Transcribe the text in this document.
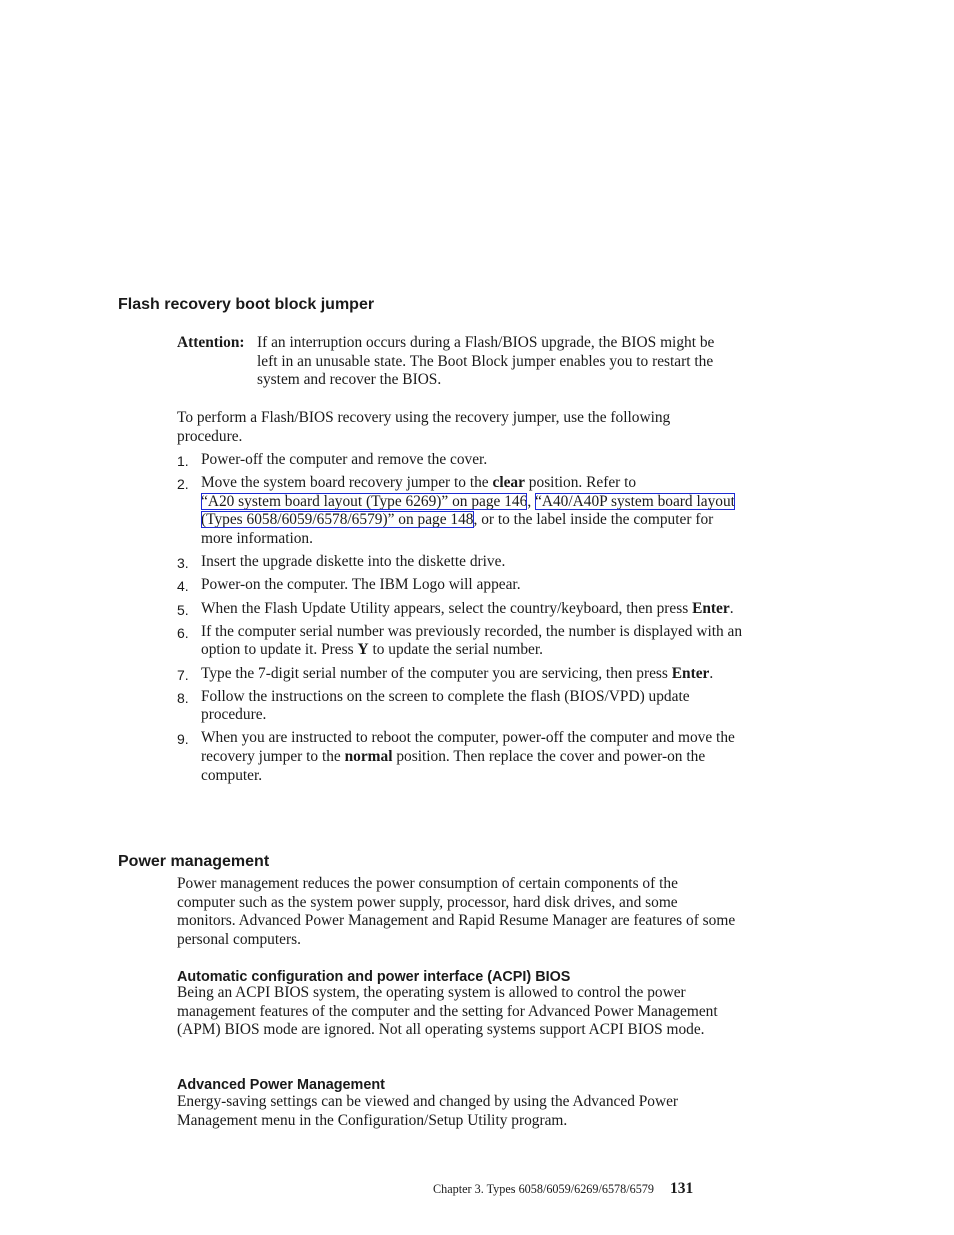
Flash recovery boot block jumper
Attention: If an interruption occurs during a Flash/BIOS upgrade, the BIOS might be left in an unusable state. The Boot Block jumper enables you to restart the system and recover the BIOS.
To perform a Flash/BIOS recovery using the recovery jumper, use the following procedure.
1. Power-off the computer and remove the cover.
2. Move the system board recovery jumper to the clear position. Refer to
“A20 system board layout (Type 6269)” on page 146, “A40/A40P system board layout
(Types 6058/6059/6578/6579)” on page 148, or to the label inside the computer for more information.
3. Insert the upgrade diskette into the diskette drive.
4. Power-on the computer. The IBM Logo will appear.
5. When the Flash Update Utility appears, select the country/keyboard, then press Enter.
6. If the computer serial number was previously recorded, the number is displayed with an option to update it. Press Y to update the serial number.
7. Type the 7-digit serial number of the computer you are servicing, then press Enter.
8. Follow the instructions on the screen to complete the flash (BIOS/VPD) update procedure.
9. When you are instructed to reboot the computer, power-off the computer and move the recovery jumper to the normal position. Then replace the cover and power-on the computer.
Power management
Power management reduces the power consumption of certain components of the computer such as the system power supply, processor, hard disk drives, and some monitors. Advanced Power Management and Rapid Resume Manager are features of some personal computers.
Automatic configuration and power interface (ACPI) BIOS
Being an ACPI BIOS system, the operating system is allowed to control the power management features of the computer and the setting for Advanced Power Management (APM) BIOS mode are ignored. Not all operating systems support ACPI BIOS mode.
Advanced Power Management
Energy-saving settings can be viewed and changed by using the Advanced Power Management menu in the Configuration/Setup Utility program.
Chapter 3. Types 6058/6059/6269/6578/6579 131
